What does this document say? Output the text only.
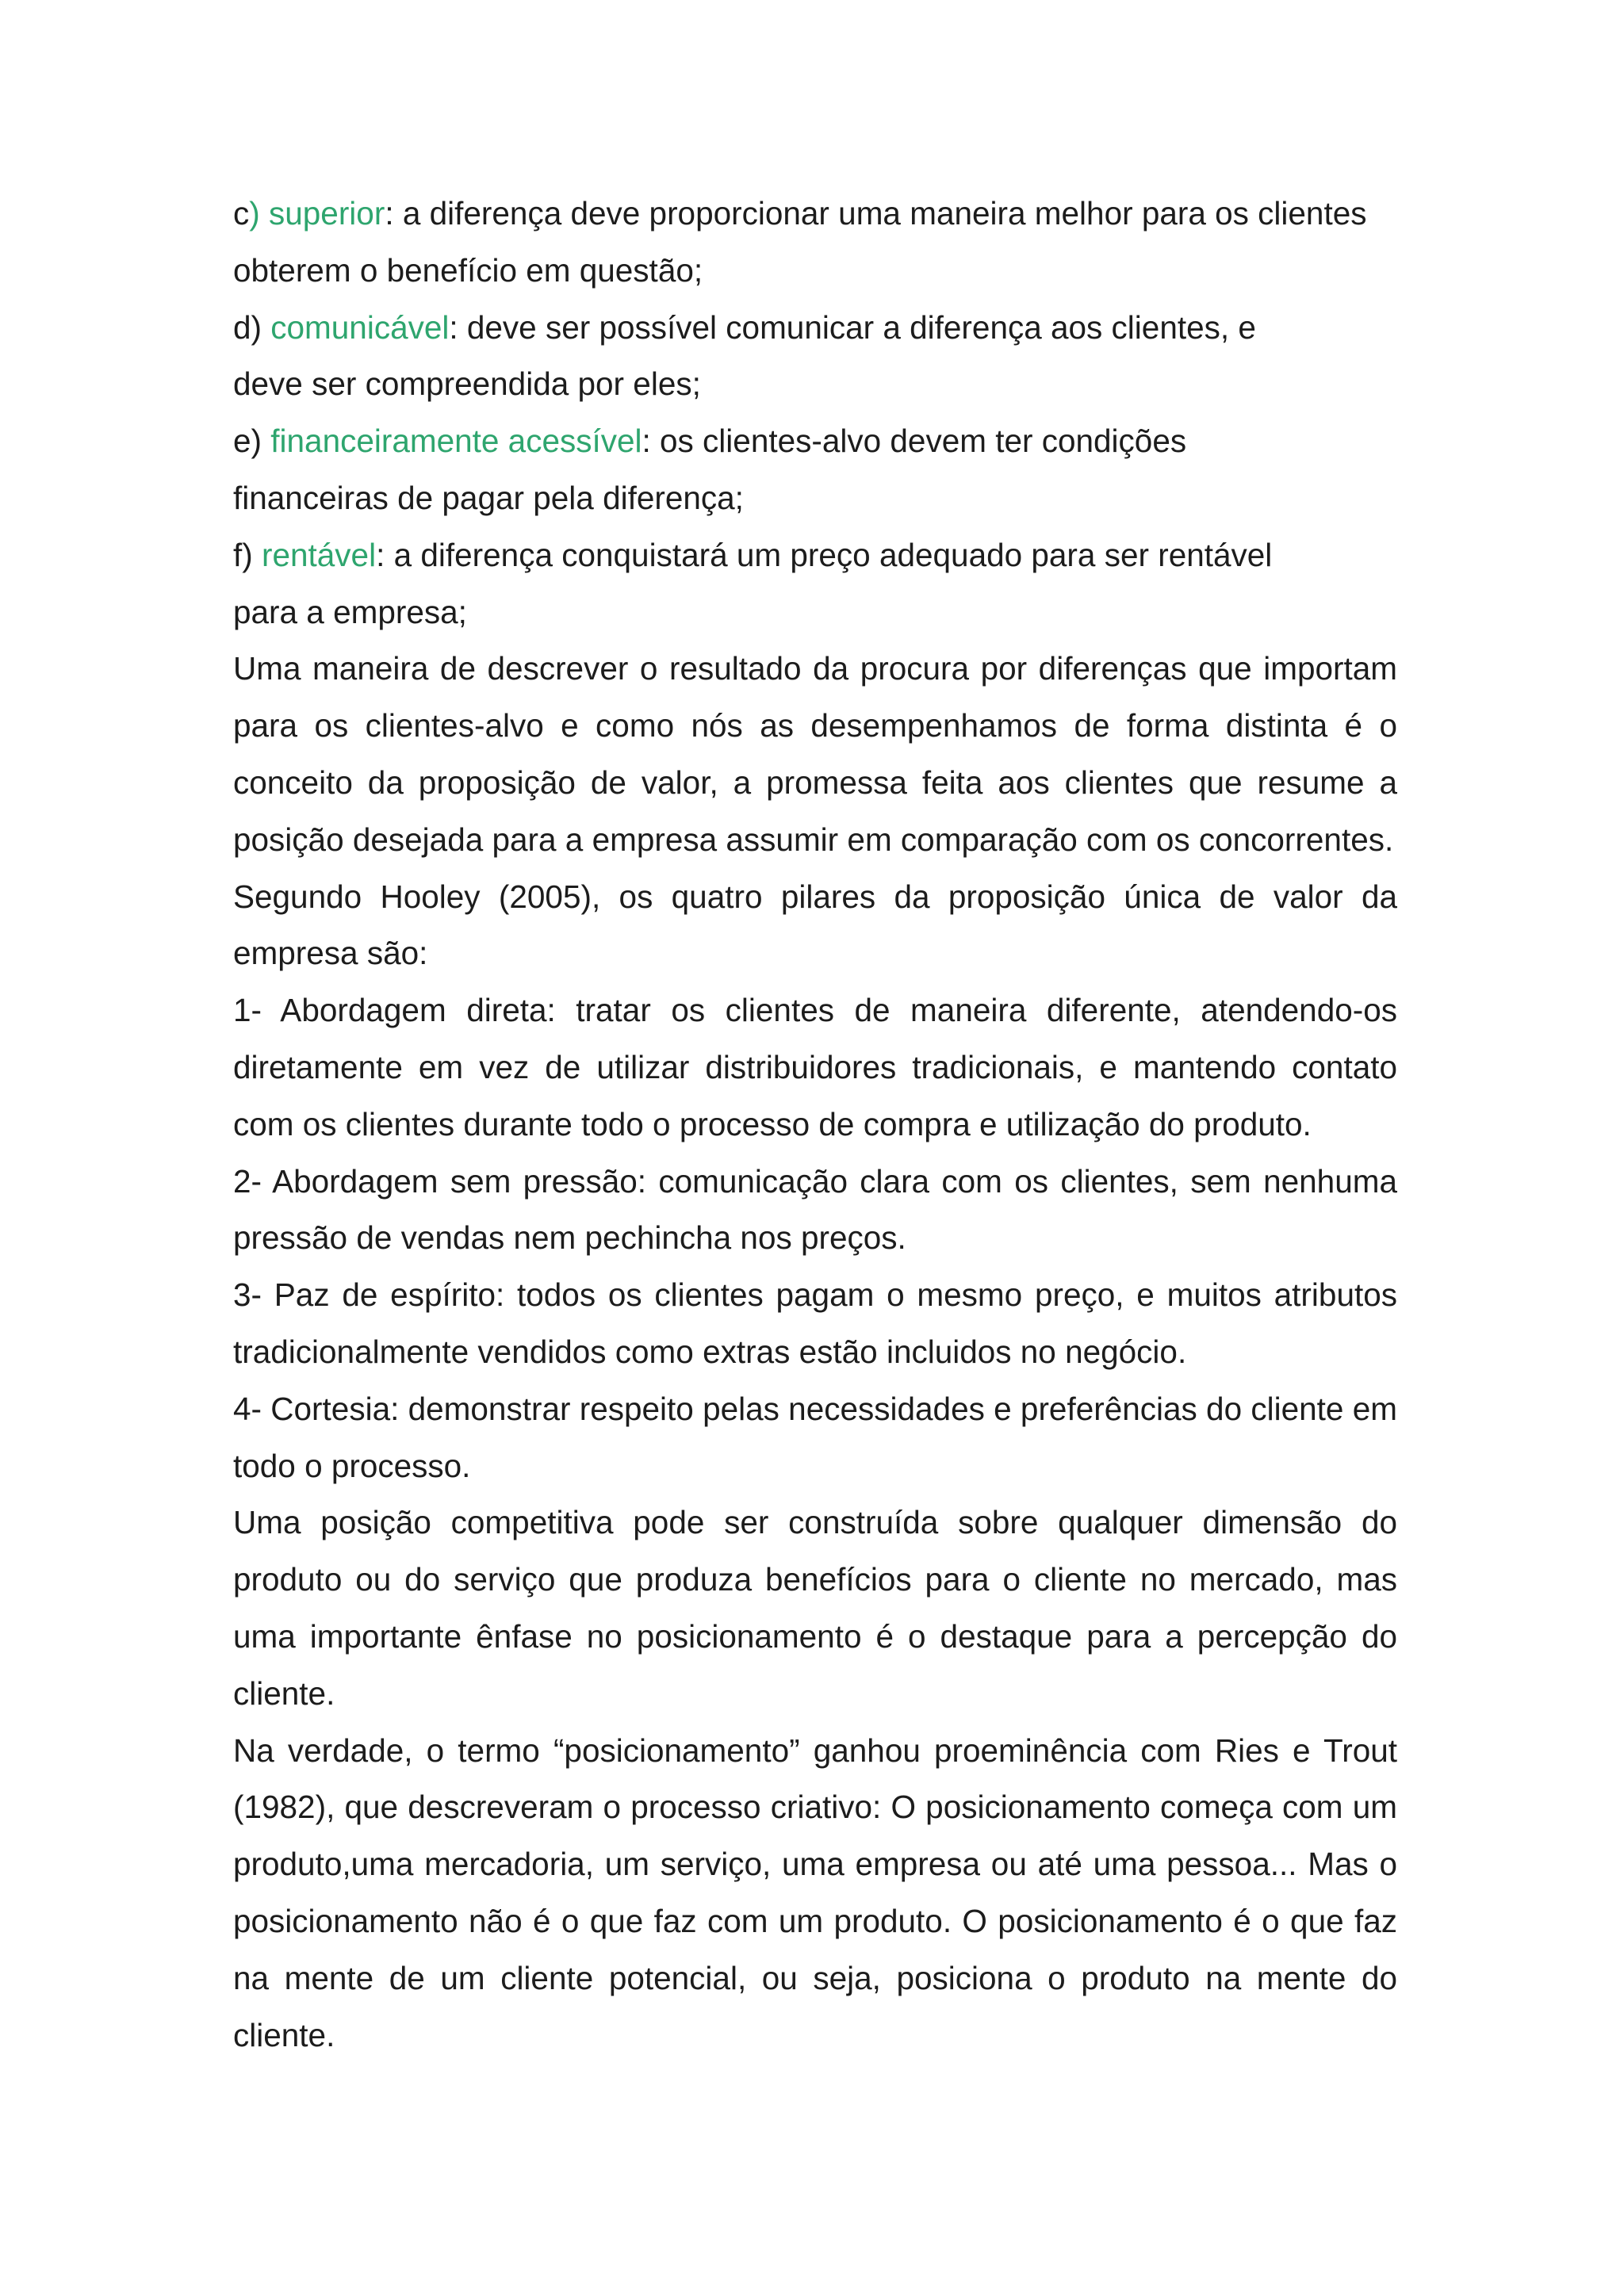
c) superior: a diferença deve proporcionar uma maneira melhor para os clientes
obterem o benefício em questão;

d) comunicável: deve ser possível comunicar a diferença aos clientes, e
deve ser compreendida por eles;

e) financeiramente acessível: os clientes-alvo devem ter condições
financeiras de pagar pela diferença;

f) rentável: a diferença conquistará um preço adequado para ser rentável
para a empresa;

Uma maneira de descrever o resultado da procura por diferenças que importam para os clientes-alvo e como nós as desempenhamos de forma distinta é o conceito da proposição de valor, a promessa feita aos clientes que resume a posição desejada para a empresa assumir em comparação com os concorrentes.

Segundo Hooley (2005), os quatro pilares da proposição única de valor da empresa são:

1- Abordagem direta: tratar os clientes de maneira diferente, atendendo-os diretamente em vez de utilizar distribuidores tradicionais, e mantendo contato com os clientes durante todo o processo de compra e utilização do produto.

2- Abordagem sem pressão: comunicação clara com os clientes, sem nenhuma pressão de vendas nem pechincha nos preços.

3- Paz de espírito: todos os clientes pagam o mesmo preço, e muitos atributos tradicionalmente vendidos como extras estão incluidos no negócio.

4- Cortesia: demonstrar respeito pelas necessidades e preferências do cliente em todo o processo.

Uma posição competitiva pode ser construída sobre qualquer dimensão do produto ou do serviço que produza benefícios para o cliente no mercado, mas uma importante ênfase no posicionamento é o destaque para a percepção do cliente.

Na verdade, o termo “posicionamento” ganhou proeminência com Ries e Trout (1982), que descreveram o processo criativo: O posicionamento começa com um produto,uma mercadoria, um serviço, uma empresa ou até uma pessoa... Mas o posicionamento não é o que faz com um produto. O posicionamento é o que faz na mente de um cliente potencial, ou seja, posiciona o produto na mente do cliente.
